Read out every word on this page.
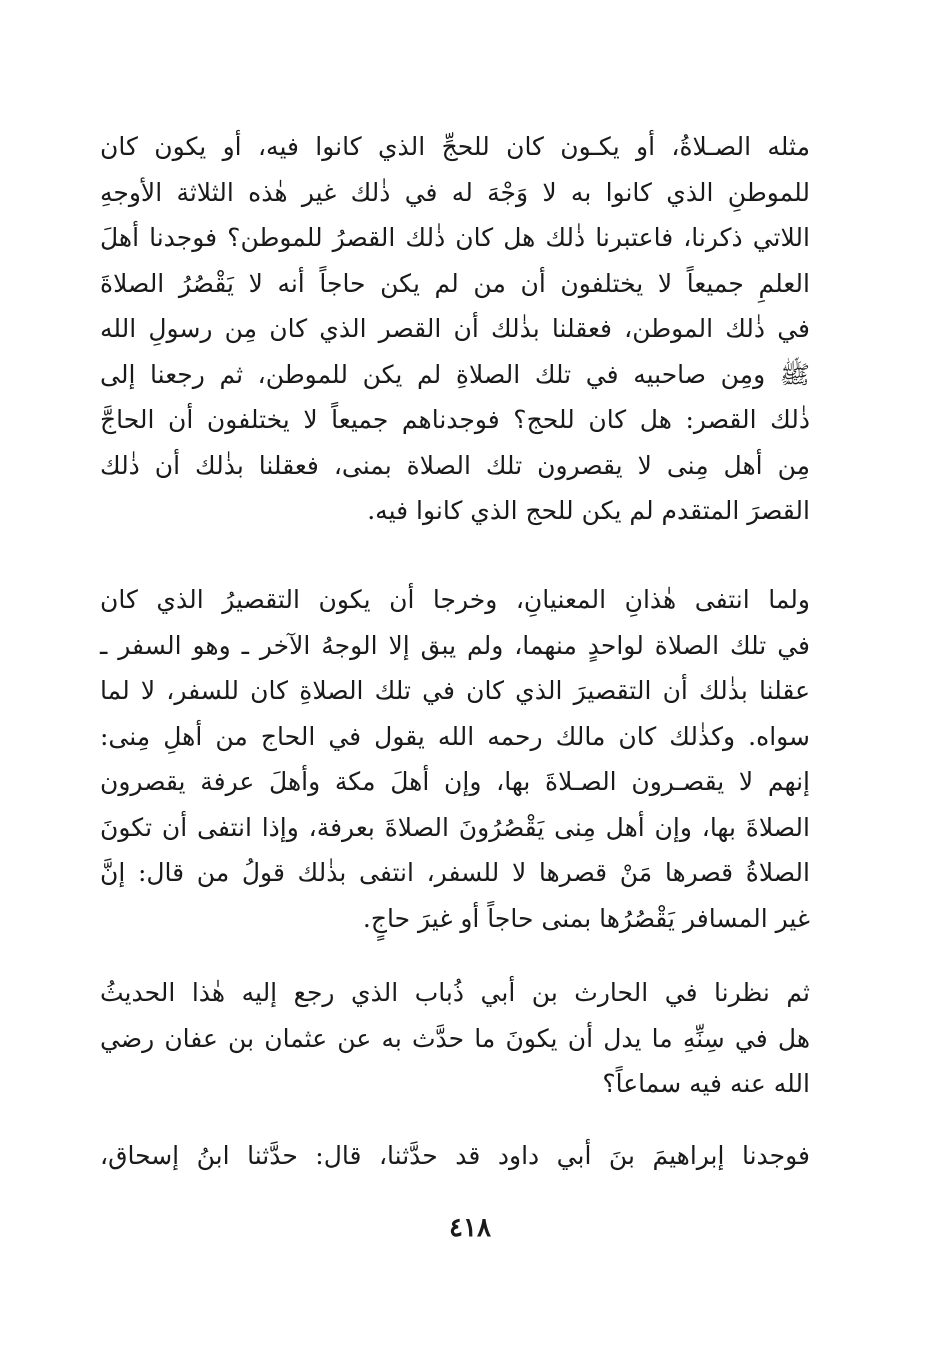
مثله الصـلاةُ، أو يكـون كان للحجِّ الذي كانوا فيه، أو يكون كان
للموطنِ الذي كانوا به لا وَجْهَ له في ذٰلك غير هٰذه الثلاثة الأوجهِ
اللاتي ذكرنا، فاعتبرنا ذٰلك هل كان ذٰلك القصرُ للموطن؟ فوجدنا أهلَ
العلمِ جميعاً لا يختلفون أن من لم يكن حاجاً أنه لا يَقْصُرُ الصلاةَ
في ذٰلك الموطن، فعقلنا بذٰلك أن القصر الذي كان مِن رسولِ الله
ﷺ ومِن صاحبيه في تلك الصلاةِ لم يكن للموطن، ثم رجعنا إلى
ذٰلك القصر: هل كان للحج؟ فوجدناهم جميعاً لا يختلفون أن الحاجَّ
مِن أهل مِنى لا يقصرون تلك الصلاة بمنى، فعقلنا بذٰلك أن ذٰلك
القصرَ المتقدم لم يكن للحج الذي كانوا فيه.
ولما انتفى هٰذانِ المعنيانِ، وخرجا أن يكون التقصيرُ الذي كان
في تلك الصلاة لواحدٍ منهما، ولم يبق إلا الوجهُ الآخر ـ وهو السفر ـ
عقلنا بذٰلك أن التقصيرَ الذي كان في تلك الصلاةِ كان للسفر، لا لما
سواه. وكذٰلك كان مالك رحمه الله يقول في الحاج من أهلِ مِنى:
إنهم لا يقصـرون الصـلاةَ بها، وإن أهلَ مكة وأهلَ عرفة يقصرون
الصلاةَ بها، وإن أهل مِنى يَقْصُرُونَ الصلاةَ بعرفة، وإذا انتفى أن تكونَ
الصلاةُ قصرها مَنْ قصرها لا للسفر، انتفى بذٰلك قولُ من قال: إنَّ
غير المسافر يَقْصُرُها بمنى حاجاً أو غيرَ حاجٍ.
ثم نظرنا في الحارث بن أبي ذُباب الذي رجع إليه هٰذا الحديثُ
هل في سِنِّهِ ما يدل أن يكونَ ما حدَّث به عن عثمان بن عفان رضي
الله عنه فيه سماعاً؟
فوجدنا إبراهيمَ بنَ أبي داود قد حدَّثنا، قال: حدَّثنا ابنُ إسحاق،
٤١٨
